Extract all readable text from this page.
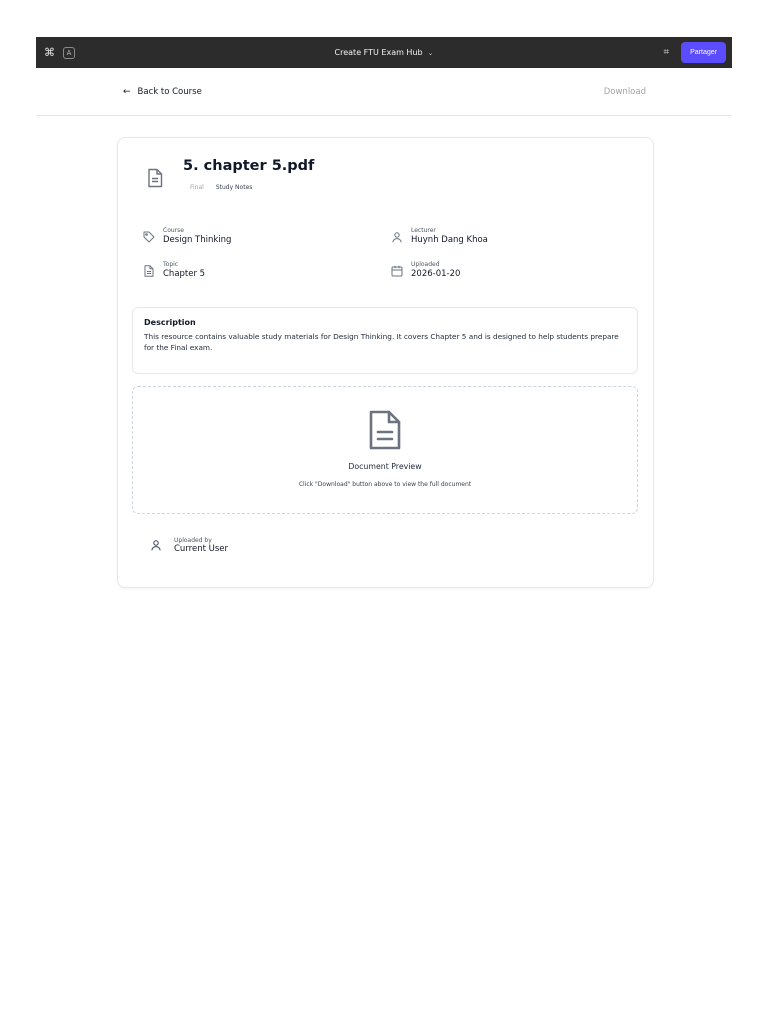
⌘	A	Create FTU Exam Hub ⌄	⌗	Partager
← Back to Course	Download
5. chapter 5.pdf
Final Study Notes
Course
Design Thinking
Lecturer
Huynh Dang Khoa
Topic
Chapter 5
Uploaded
2026-01-20
Description
This resource contains valuable study materials for Design Thinking. It covers Chapter 5 and is designed to help students prepare for the Final exam.
Document Preview
Click "Download" button above to view the full document
Uploaded by
Current User
